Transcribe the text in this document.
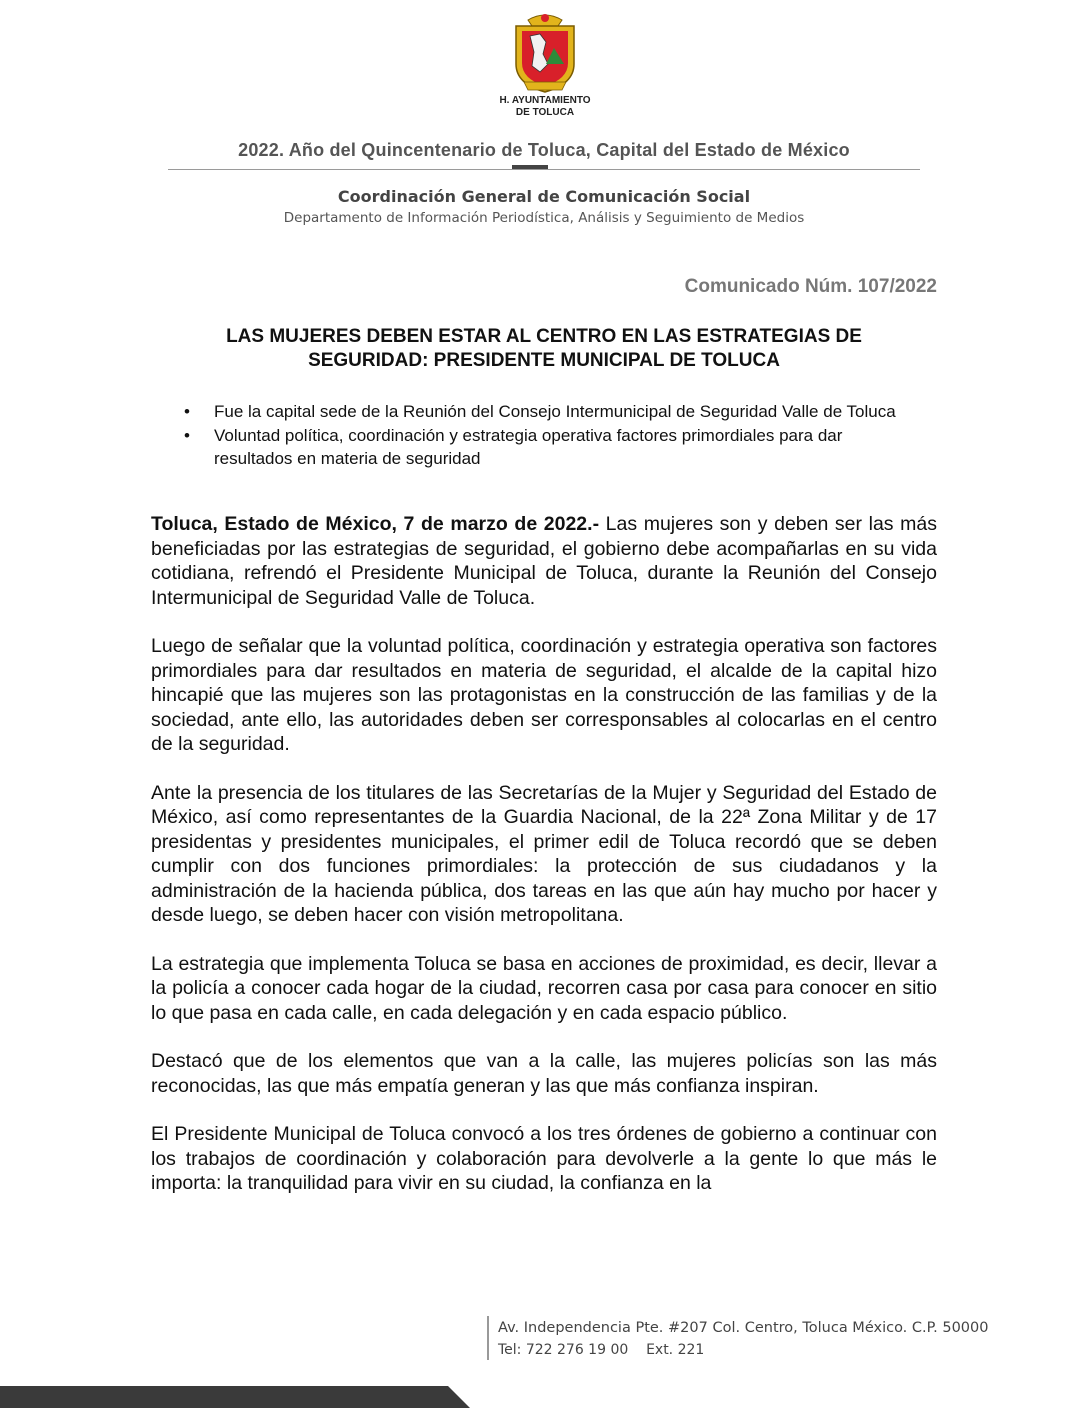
H. AYUNTAMIENTO
DE TOLUCA
2022. Año del Quincentenario de Toluca, Capital del Estado de México
Coordinación General de Comunicación Social
Departamento de Información Periodística, Análisis y Seguimiento de Medios
Comunicado Núm. 107/2022
LAS MUJERES DEBEN ESTAR AL CENTRO EN LAS ESTRATEGIAS DE
SEGURIDAD: PRESIDENTE MUNICIPAL DE TOLUCA
• Fue la capital sede de la Reunión del Consejo Intermunicipal de Seguridad Valle de Toluca
• Voluntad política, coordinación y estrategia operativa factores primordiales para dar resultados en materia de seguridad

Toluca, Estado de México, 7 de marzo de 2022.- Las mujeres son y deben ser las más beneficiadas por las estrategias de seguridad, el gobierno debe acompañarlas en su vida cotidiana, refrendó el Presidente Municipal de Toluca, durante la Reunión del Consejo Intermunicipal de Seguridad Valle de Toluca.

Luego de señalar que la voluntad política, coordinación y estrategia operativa son factores primordiales para dar resultados en materia de seguridad, el alcalde de la capital hizo hincapié que las mujeres son las protagonistas en la construcción de las familias y de la sociedad, ante ello, las autoridades deben ser corresponsables al colocarlas en el centro de la seguridad.

Ante la presencia de los titulares de las Secretarías de la Mujer y Seguridad del Estado de México, así como representantes de la Guardia Nacional, de la 22ª Zona Militar y de 17 presidentas y presidentes municipales, el primer edil de Toluca recordó que se deben cumplir con dos funciones primordiales: la protección de sus ciudadanos y la administración de la hacienda pública, dos tareas en las que aún hay mucho por hacer y desde luego, se deben hacer con visión metropolitana.

La estrategia que implementa Toluca se basa en acciones de proximidad, es decir, llevar a la policía a conocer cada hogar de la ciudad, recorren casa por casa para conocer en sitio lo que pasa en cada calle, en cada delegación y en cada espacio público.

Destacó que de los elementos que van a la calle, las mujeres policías son las más reconocidas, las que más empatía generan y las que más confianza inspiran.

El Presidente Municipal de Toluca convocó a los tres órdenes de gobierno a continuar con los trabajos de coordinación y colaboración para devolverle a la gente lo que más le importa: la tranquilidad para vivir en su ciudad, la confianza en la

Av. Independencia Pte. #207 Col. Centro, Toluca México. C.P. 50000
Tel: 722 276 19 00    Ext. 221
